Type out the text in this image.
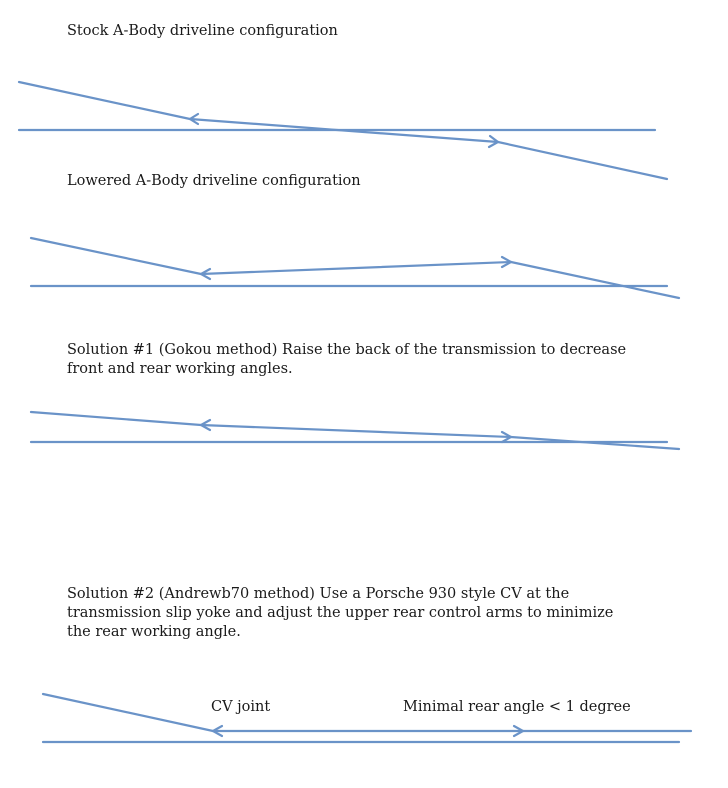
Stock A-Body driveline configuration

Lowered A-Body driveline configuration

Solution #1 (Gokou method) Raise the back of the transmission to decrease front and rear working angles.

Solution #2 (Andrewb70 method) Use a Porsche 930 style CV at the transmission slip yoke and adjust the upper rear control arms to minimize the rear working angle.

CV joint	Minimal rear angle < 1 degree
